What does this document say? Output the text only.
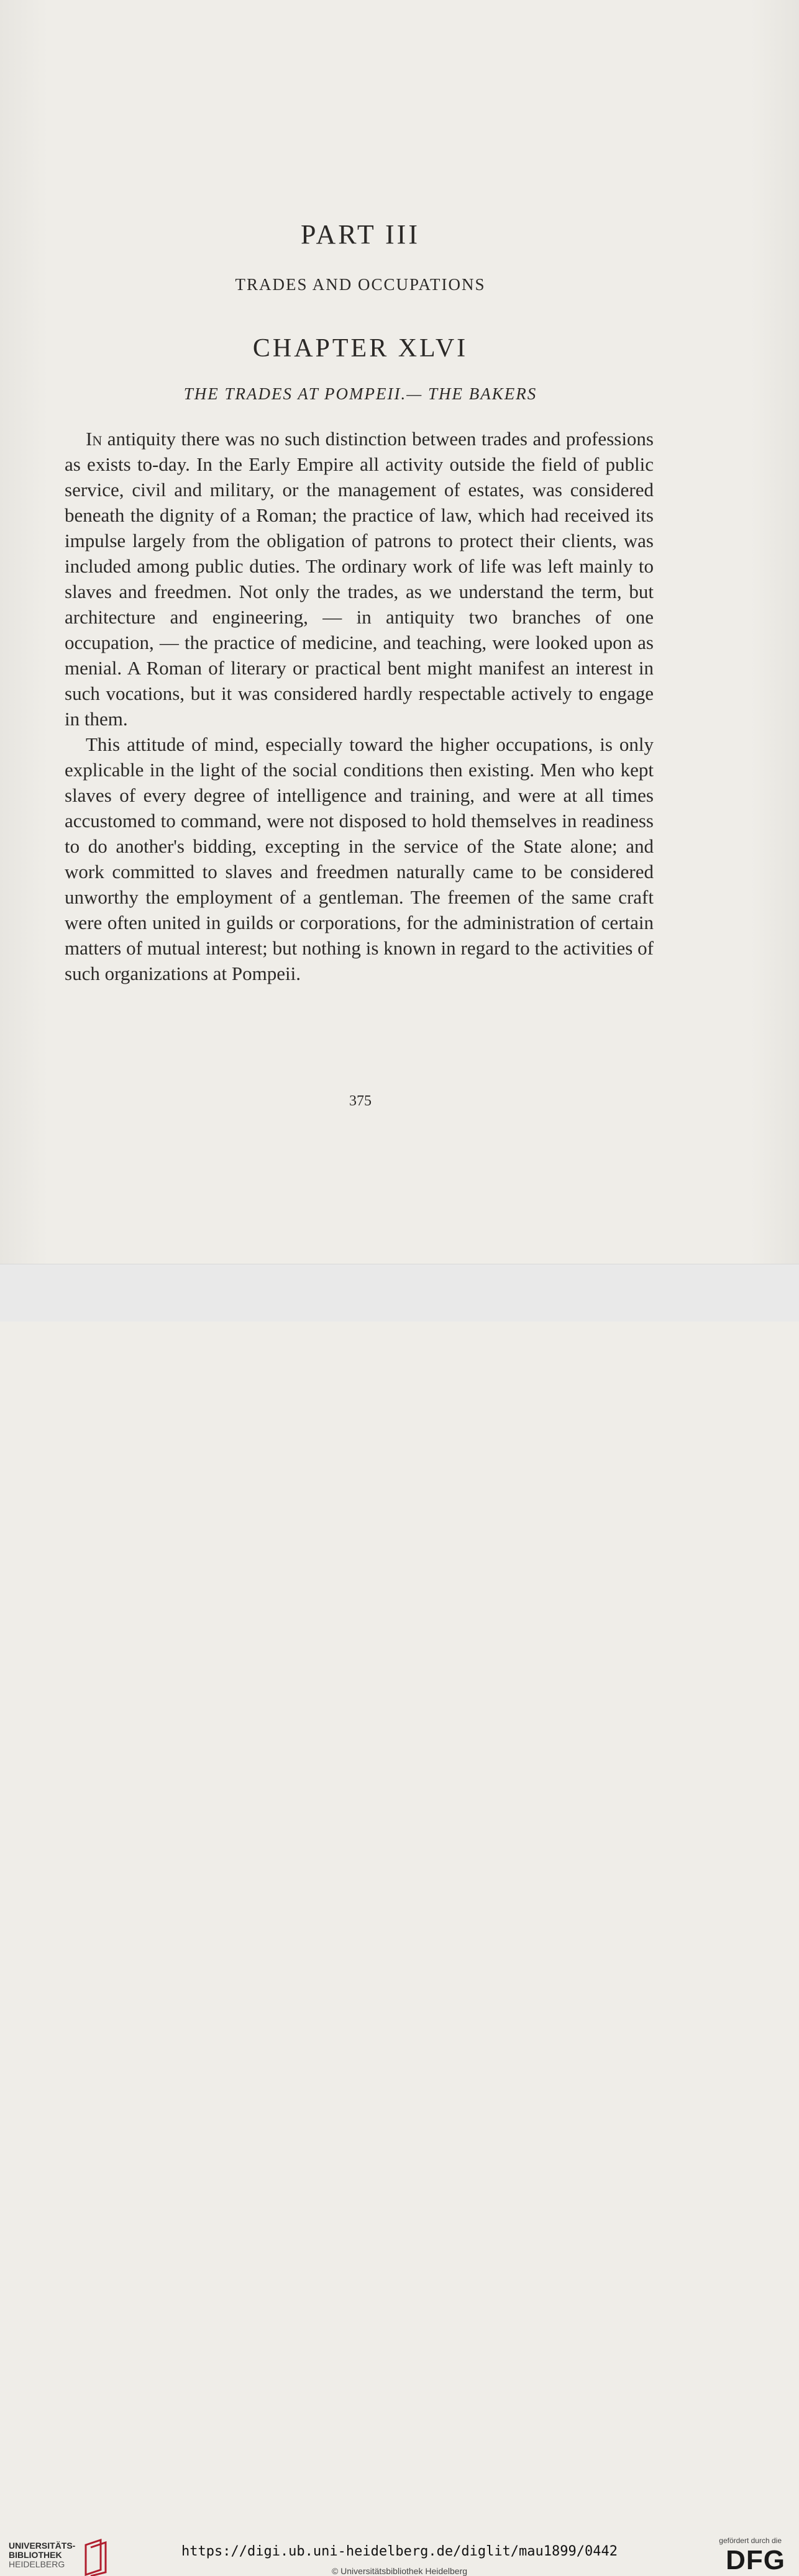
PART III
TRADES AND OCCUPATIONS
CHAPTER XLVI
THE TRADES AT POMPEII.— THE BAKERS

In antiquity there was no such distinction between trades and professions as exists to-day. In the Early Empire all activity outside the field of public service, civil and military, or the management of estates, was considered beneath the dignity of a Roman; the practice of law, which had received its impulse largely from the obligation of patrons to protect their clients, was included among public duties. The ordinary work of life was left mainly to slaves and freedmen. Not only the trades, as we understand the term, but architecture and engineering, — in antiquity two branches of one occupation, — the practice of medicine, and teaching, were looked upon as menial. A Roman of literary or practical bent might manifest an interest in such vocations, but it was considered hardly respectable actively to engage in them.

This attitude of mind, especially toward the higher occupations, is only explicable in the light of the social conditions then existing. Men who kept slaves of every degree of intelligence and training, and were at all times accustomed to command, were not disposed to hold themselves in readiness to do another's bidding, excepting in the service of the State alone; and work committed to slaves and freedmen naturally came to be considered unworthy the employment of a gentleman. The freemen of the same craft were often united in guilds or corporations, for the administration of certain matters of mutual interest; but nothing is known in regard to the activities of such organizations at Pompeii.

375
UNIVERSITÄTS-
BIBLIOTHEK
HEIDELBERG
https://digi.ub.uni-heidelberg.de/diglit/mau1899/0442
© Universitätsbibliothek Heidelberg
gefördert durch die
DFG
